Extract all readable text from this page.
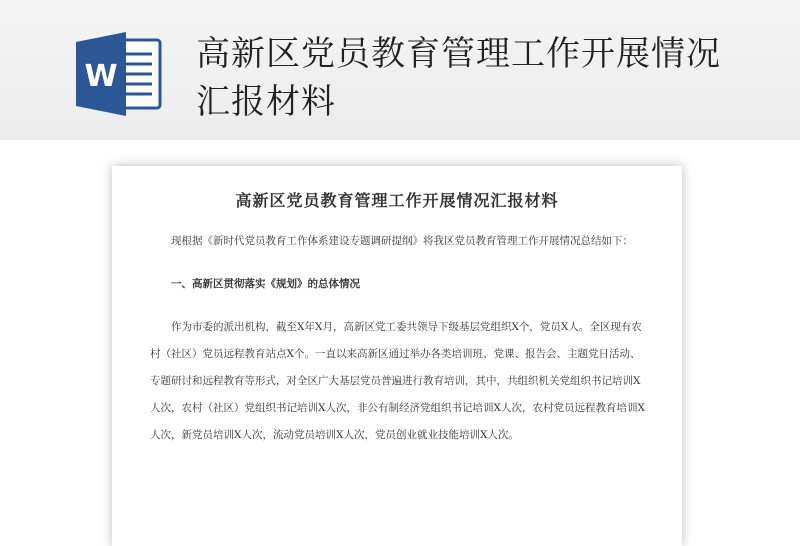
W
高新区党员教育管理工作开展情况汇报材料
高新区党员教育管理工作开展情况汇报材料

现根据《新时代党员教育工作体系建设专题调研提纲》将我区党员教育管理工作开展情况总结如下：

一、高新区贯彻落实《规划》的总体情况

作为市委的派出机构，截至X年X月，高新区党工委共领导下级基层党组织X个，党员X人。全区现有农村（社区）党员远程教育站点X个。一直以来高新区通过举办各类培训班、党课、报告会、主题党日活动、专题研讨和远程教育等形式，对全区广大基层党员普遍进行教育培训，其中，共组织机关党组织书记培训X人次，农村（社区）党组织书记培训X人次，非公有制经济党组织书记培训X人次，农村党员远程教育培训X人次，新党员培训X人次，流动党员培训X人次，党员创业就业技能培训X人次。
